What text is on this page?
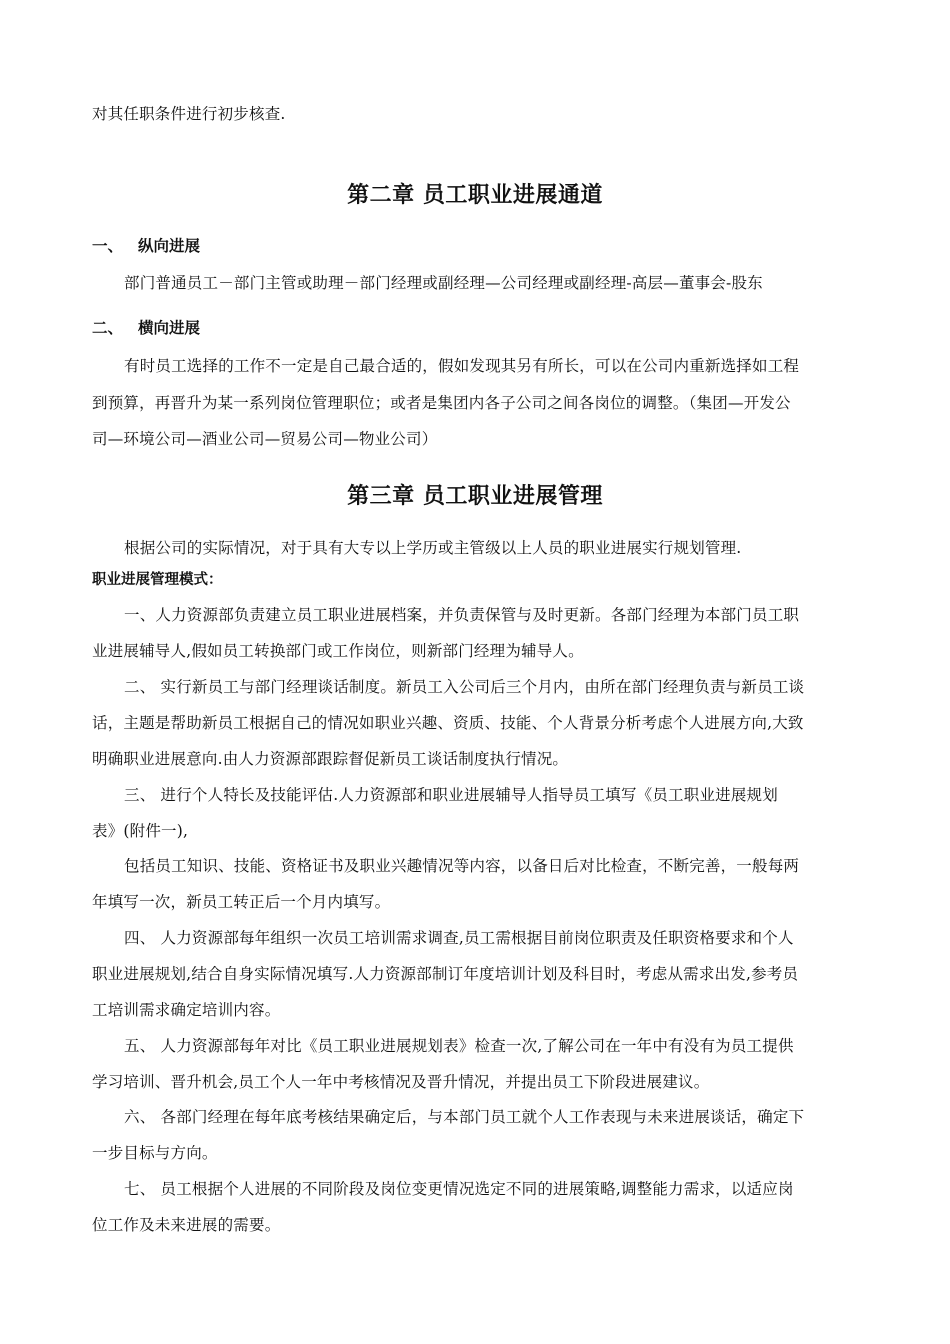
对其任职条件进行初步核查.
第二章 员工职业进展通道
一、 纵向进展
部门普通员工－部门主管或助理－部门经理或副经理—公司经理或副经理-高层—董事会-股东
二、 横向进展
有时员工选择的工作不一定是自己最合适的，假如发现其另有所长，可以在公司内重新选择如工程
到预算，再晋升为某一系列岗位管理职位；或者是集团内各子公司之间各岗位的调整。（集团—开发公
司—环境公司—酒业公司—贸易公司—物业公司）
第三章 员工职业进展管理
根据公司的实际情况，对于具有大专以上学历或主管级以上人员的职业进展实行规划管理.
职业进展管理模式：
一、人力资源部负责建立员工职业进展档案，并负责保管与及时更新。各部门经理为本部门员工职
业进展辅导人,假如员工转换部门或工作岗位，则新部门经理为辅导人。
二、 实行新员工与部门经理谈话制度。新员工入公司后三个月内，由所在部门经理负责与新员工谈
话，主题是帮助新员工根据自己的情况如职业兴趣、资质、技能、个人背景分析考虑个人进展方向,大致
明确职业进展意向.由人力资源部跟踪督促新员工谈话制度执行情况。
三、 进行个人特长及技能评估.人力资源部和职业进展辅导人指导员工填写《员工职业进展规划
表》(附件一),
包括员工知识、技能、资格证书及职业兴趣情况等内容，以备日后对比检查，不断完善，一般每两
年填写一次，新员工转正后一个月内填写。
四、 人力资源部每年组织一次员工培训需求调查,员工需根据目前岗位职责及任职资格要求和个人
职业进展规划,结合自身实际情况填写.人力资源部制订年度培训计划及科目时，考虑从需求出发,参考员
工培训需求确定培训内容。
五、 人力资源部每年对比《员工职业进展规划表》检查一次,了解公司在一年中有没有为员工提供
学习培训、晋升机会,员工个人一年中考核情况及晋升情况，并提出员工下阶段进展建议。
六、 各部门经理在每年底考核结果确定后，与本部门员工就个人工作表现与未来进展谈话，确定下
一步目标与方向。
七、 员工根据个人进展的不同阶段及岗位变更情况选定不同的进展策略,调整能力需求，以适应岗
位工作及未来进展的需要。
